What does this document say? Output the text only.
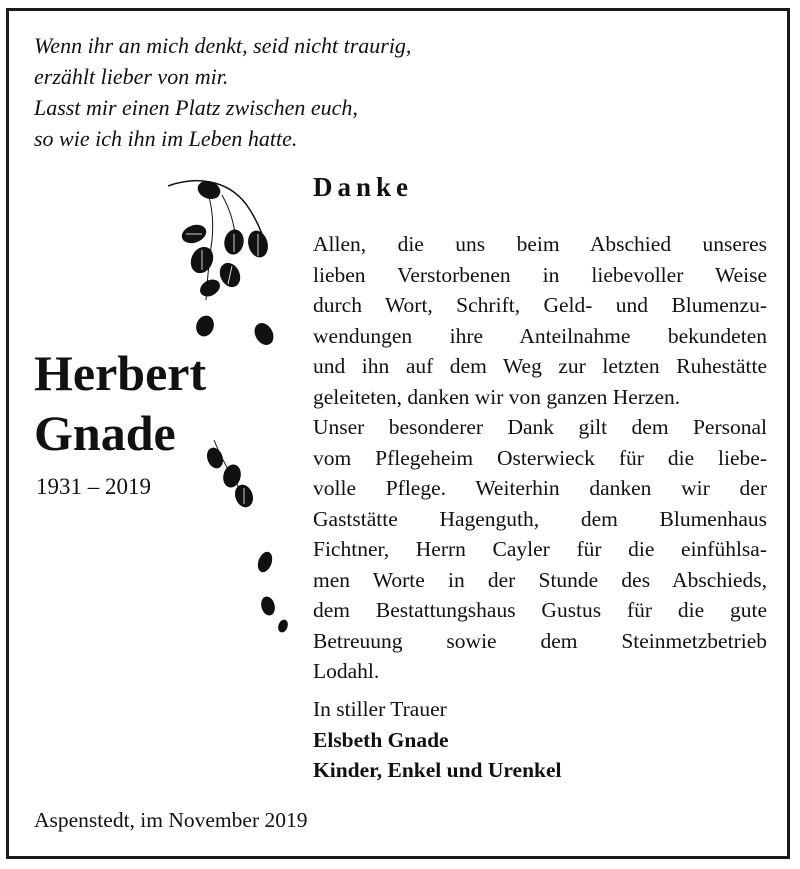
Wenn ihr an mich denkt, seid nicht traurig,
erzählt lieber von mir.
Lasst mir einen Platz zwischen euch,
so wie ich ihn im Leben hatte.
Herbert
Gnade
1931 – 2019
Danke
Allen, die uns beim Abschied unseres
lieben Verstorbenen in liebevoller Weise
durch Wort, Schrift, Geld- und Blumenzu-
wendungen ihre Anteilnahme bekundeten
und ihn auf dem Weg zur letzten Ruhestätte
geleiteten, danken wir von ganzen Herzen.
Unser besonderer Dank gilt dem Personal
vom Pflegeheim Osterwieck für die liebe-
volle Pflege. Weiterhin danken wir der
Gaststätte Hagenguth, dem Blumenhaus
Fichtner, Herrn Cayler für die einfühlsa-
men Worte in der Stunde des Abschieds,
dem Bestattungshaus Gustus für die gute
Betreuung sowie dem Steinmetzbetrieb
Lodahl.
In stiller Trauer
Elsbeth Gnade
Kinder, Enkel und Urenkel
Aspenstedt, im November 2019
